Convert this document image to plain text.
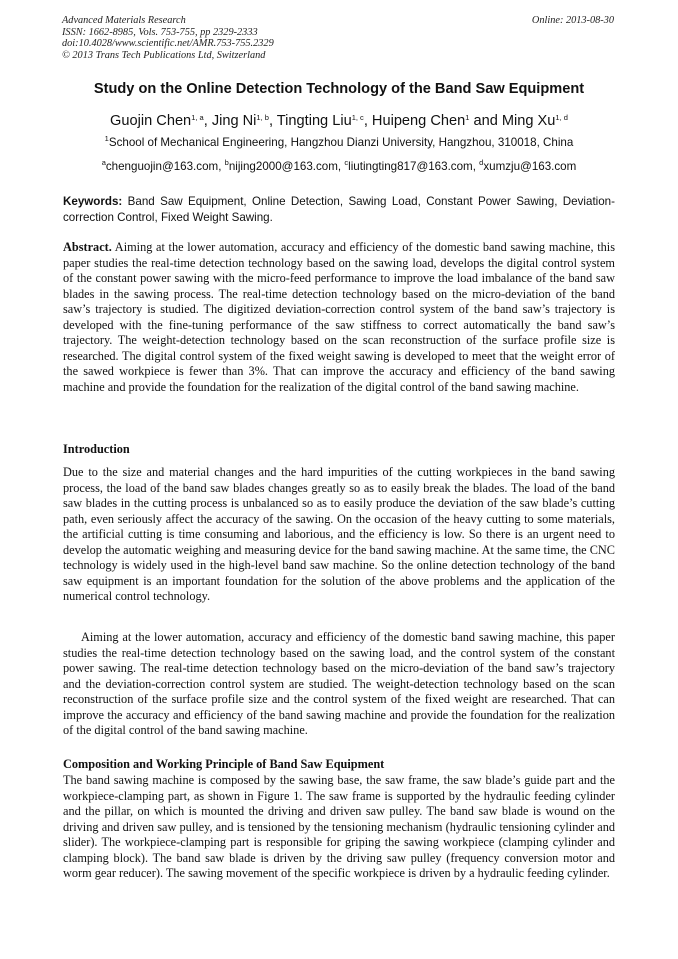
Advanced Materials Research
ISSN: 1662-8985, Vols. 753-755, pp 2329-2333
doi:10.4028/www.scientific.net/AMR.753-755.2329
© 2013 Trans Tech Publications Ltd, Switzerland
Online: 2013-08-30
Study on the Online Detection Technology of the Band Saw Equipment
Guojin Chen$^{1, a}$, Jing Ni$^{1, b}$, Tingting Liu$^{1, c}$, Huipeng Chen$^1$ and Ming Xu$^{1, d}$
$^1$School of Mechanical Engineering, Hangzhou Dianzi University, Hangzhou, 310018, China
$^a$chenguojin@163.com, $^b$nijing2000@163.com, $^c$liutingting817@163.com, $^d$xumzju@163.com
Keywords: Band Saw Equipment, Online Detection, Sawing Load, Constant Power Sawing, Deviation-correction Control, Fixed Weight Sawing.
Abstract. Aiming at the lower automation, accuracy and efficiency of the domestic band sawing machine, this paper studies the real-time detection technology based on the sawing load, develops the digital control system of the constant power sawing with the micro-feed performance to improve the load imbalance of the band saw blades in the sawing process. The real-time detection technology based on the micro-deviation of the band saw’s trajectory is studied. The digitized deviation-correction control system of the band saw’s trajectory is developed with the fine-tuning performance of the saw stiffness to correct automatically the band saw’s trajectory. The weight-detection technology based on the scan reconstruction of the surface profile size is researched. The digital control system of the fixed weight sawing is developed to meet that the weight error of the sawed workpiece is fewer than 3%. That can improve the accuracy and efficiency of the band sawing machine and provide the foundation for the realization of the digital control of the band sawing machine.
Introduction
Due to the size and material changes and the hard impurities of the cutting workpieces in the band sawing process, the load of the band saw blades changes greatly so as to easily break the blades. The load of the band saw blades in the cutting process is unbalanced so as to easily produce the deviation of the saw blade’s cutting path, even seriously affect the accuracy of the sawing. On the occasion of the heavy cutting to some materials, the artificial cutting is time consuming and laborious, and the efficiency is low. So there is an urgent need to develop the automatic weighing and measuring device for the band sawing machine. At the same time, the CNC technology is widely used in the high-level band saw machine. So the online detection technology of the band saw equipment is an important foundation for the solution of the above problems and the application of the numerical control technology.
Aiming at the lower automation, accuracy and efficiency of the domestic band sawing machine, this paper studies the real-time detection technology based on the sawing load, and the control system of the constant power sawing. The real-time detection technology based on the micro-deviation of the band saw’s trajectory and the deviation-correction control system are studied. The weight-detection technology based on the scan reconstruction of the surface profile size and the control system of the fixed weight are researched. That can improve the accuracy and efficiency of the band sawing machine and provide the foundation for the realization of the digital control of the band sawing machine.
Composition and Working Principle of Band Saw Equipment
The band sawing machine is composed by the sawing base, the saw frame, the saw blade’s guide part and the workpiece-clamping part, as shown in Figure 1. The saw frame is supported by the hydraulic feeding cylinder and the pillar, on which is mounted the driving and driven saw pulley. The band saw blade is wound on the driving and driven saw pulley, and is tensioned by the tensioning mechanism (hydraulic tensioning cylinder and slider). The workpiece-clamping part is responsible for griping the sawing workpiece (clamping cylinder and clamping block). The band saw blade is driven by the driving saw pulley (frequency conversion motor and worm gear reducer). The sawing movement of the specific workpiece is driven by a hydraulic feeding cylinder.
